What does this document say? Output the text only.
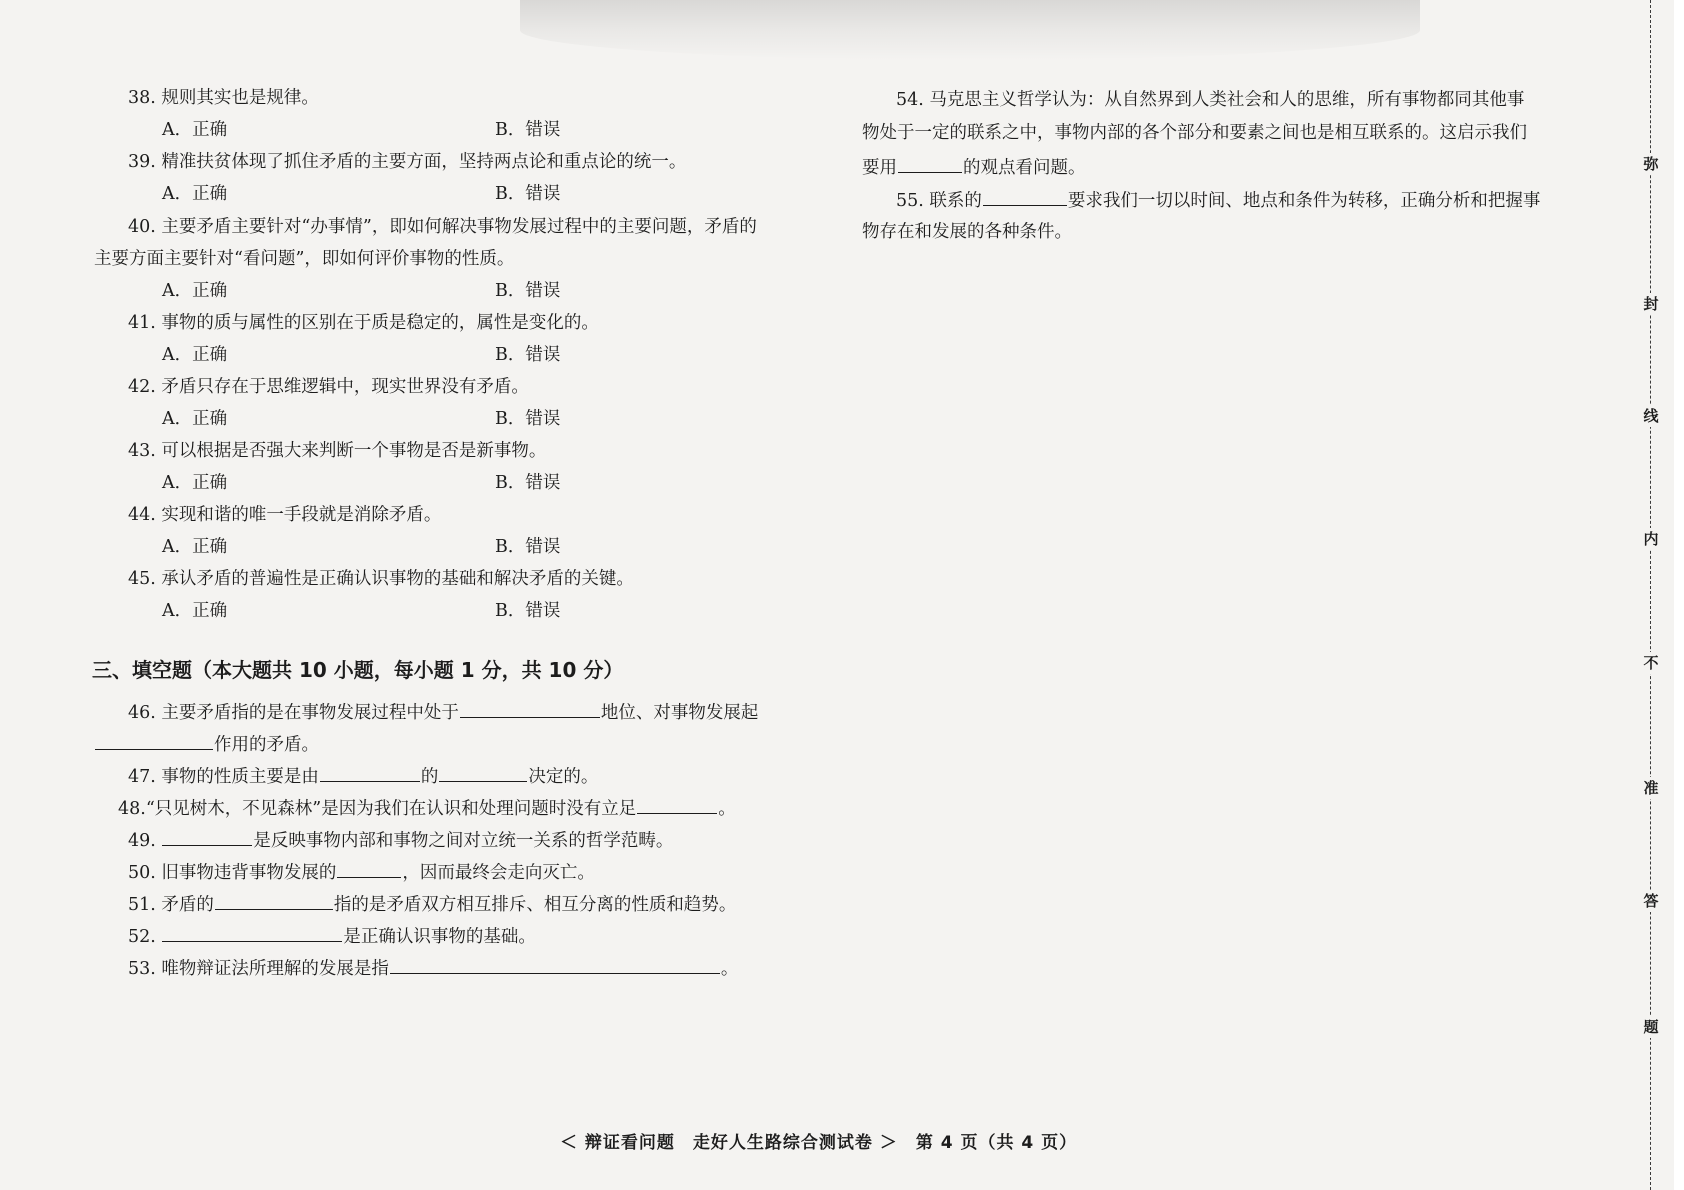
38. 规则其实也是规律。
A．正确	B．错误
39. 精准扶贫体现了抓住矛盾的主要方面，坚持两点论和重点论的统一。
A．正确	B．错误
40. 主要矛盾主要针对“办事情”，即如何解决事物发展过程中的主要问题，矛盾的
主要方面主要针对“看问题”，即如何评价事物的性质。
A．正确	B．错误
41. 事物的质与属性的区别在于质是稳定的，属性是变化的。
A．正确	B．错误
42. 矛盾只存在于思维逻辑中，现实世界没有矛盾。
A．正确	B．错误
43. 可以根据是否强大来判断一个事物是否是新事物。
A．正确	B．错误
44. 实现和谐的唯一手段就是消除矛盾。
A．正确	B．错误
45. 承认矛盾的普遍性是正确认识事物的基础和解决矛盾的关键。
A．正确	B．错误
三、填空题（本大题共 10 小题，每小题 1 分，共 10 分）
46. 主要矛盾指的是在事物发展过程中处于	地位、对事物发展起
作用的矛盾。
47. 事物的性质主要是由	的	决定的。
48.“只见树木，不见森林”是因为我们在认识和处理问题时没有立足	。
49.	是反映事物内部和事物之间对立统一关系的哲学范畴。
50. 旧事物违背事物发展的	，因而最终会走向灭亡。
51. 矛盾的	指的是矛盾双方相互排斥、相互分离的性质和趋势。
52.	是正确认识事物的基础。
53. 唯物辩证法所理解的发展是指	。
54. 马克思主义哲学认为：从自然界到人类社会和人的思维，所有事物都同其他事
物处于一定的联系之中，事物内部的各个部分和要素之间也是相互联系的。这启示我们
要用	的观点看问题。
55. 联系的	要求我们一切以时间、地点和条件为转移，正确分析和把握事
物存在和发展的各种条件。
＜ 辩证看问题　走好人生路综合测试卷 ＞　第 4 页（共 4 页）
弥
封
线
内
不
准
答
题
